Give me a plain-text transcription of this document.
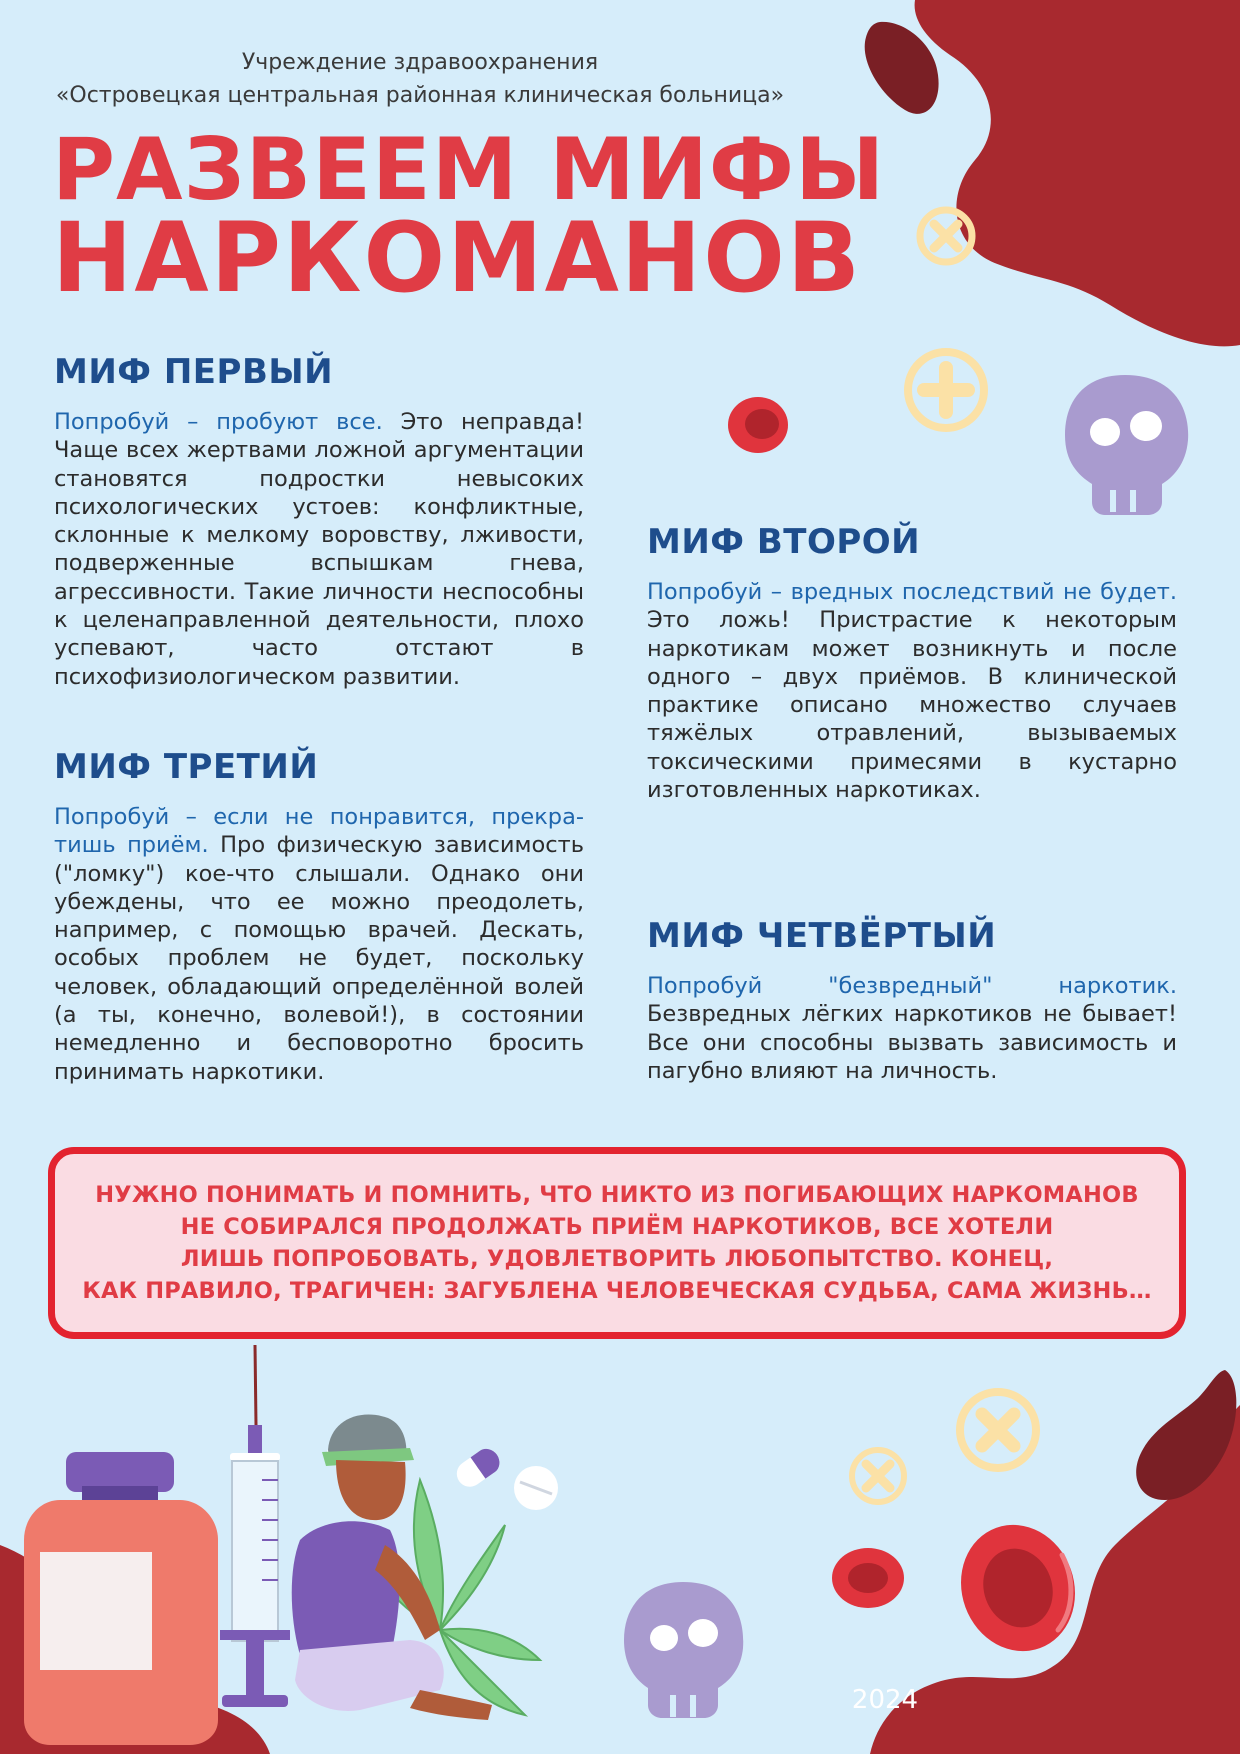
Учреждение здравоохранения
«Островецкая центральная районная клиническая больница»
РАЗВЕЕМ МИФЫ
НАРКОМАНОВ
МИФ ПЕРВЫЙ
Попробуй – пробуют все. Это неправда! Чаще всех жертвами ложной аргументации становятся подростки невысоких психологических устоев: конфликтные, склонные к мелкому воровству, лживости, подверженные вспышкам гнева, агрессивности. Такие личности неспособны к целенаправленной деятельности, плохо успевают, часто отстают в психофизиологическом развитии.
МИФ ВТОРОЙ
Попробуй – вредных последствий не будет. Это ложь! Пристрастие к некоторым наркотикам может возникнуть и после одного – двух приёмов. В клинической практике описано множество случаев тяжёлых отравлений, вызываемых токсическими примесями в кустарно изготовленных наркотиках.
МИФ ТРЕТИЙ
Попробуй – если не понравится, прекратишь приём. Про физическую зависимость ("ломку") кое-что слышали. Однако они убеждены, что ее можно преодолеть, например, с помощью врачей. Дескать, особых проблем не будет, поскольку человек, обладающий определённой волей (а ты, конечно, волевой!), в состоянии немедленно и бесповоротно бросить принимать наркотики.
МИФ ЧЕТВЁРТЫЙ
Попробуй "безвредный" наркотик. Безвредных лёгких наркотиков не бывает! Все они способны вызвать зависимость и пагубно влияют на личность.
НУЖНО ПОНИМАТЬ И ПОМНИТЬ, ЧТО НИКТО ИЗ ПОГИБАЮЩИХ НАРКОМАНОВ
НЕ СОБИРАЛСЯ ПРОДОЛЖАТЬ ПРИЁМ НАРКОТИКОВ, ВСЕ ХОТЕЛИ
ЛИШЬ ПОПРОБОВАТЬ, УДОВЛЕТВОРИТЬ ЛЮБОПЫТСТВО. КОНЕЦ,
КАК ПРАВИЛО, ТРАГИЧЕН: ЗАГУБЛЕНА ЧЕЛОВЕЧЕСКАЯ СУДЬБА, САМА ЖИЗНЬ…
2024
